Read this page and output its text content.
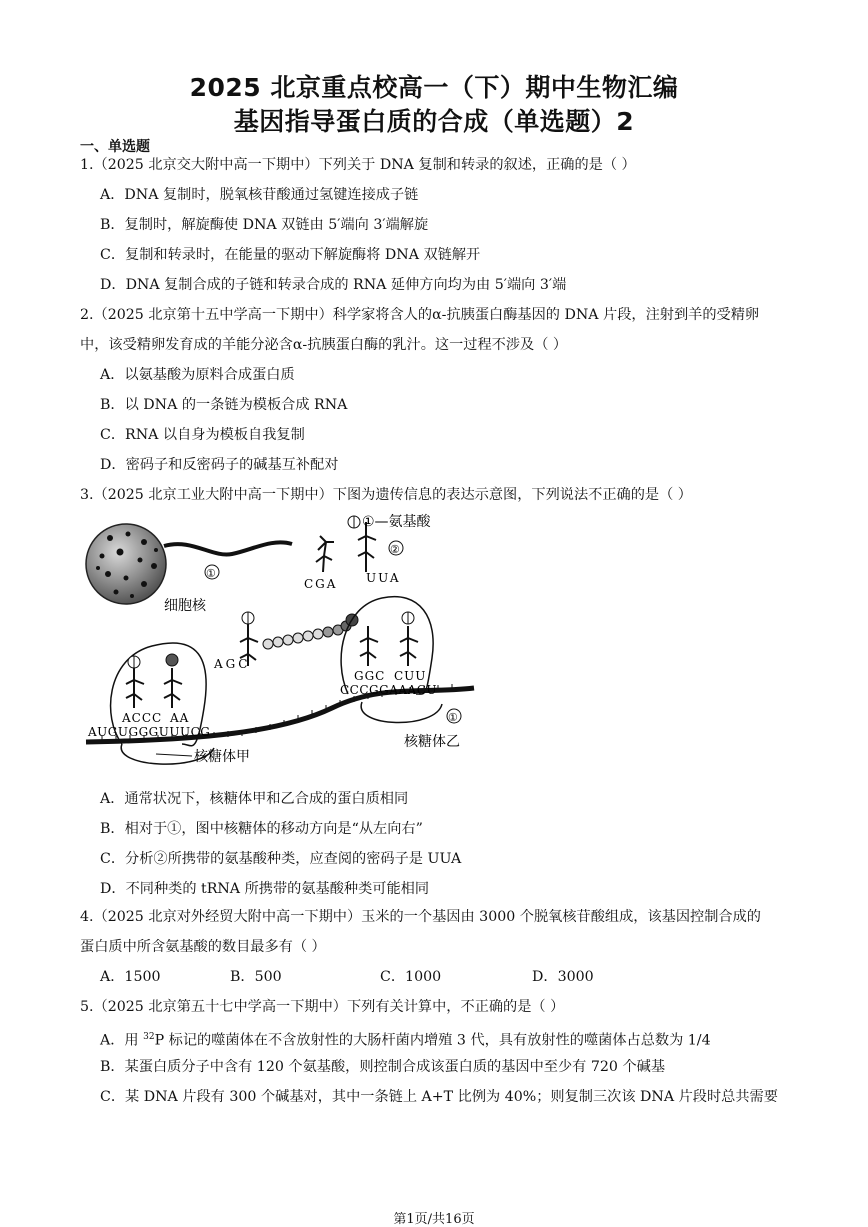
2025 北京重点校高一（下）期中生物汇编
基因指导蛋白质的合成（单选题）2
一、单选题
1.（2025 北京交大附中高一下期中）下列关于 DNA 复制和转录的叙述，正确的是（ ）
A．DNA 复制时，脱氧核苷酸通过氢键连接成子链
B．复制时，解旋酶使 DNA 双链由 5′端向 3′端解旋
C．复制和转录时，在能量的驱动下解旋酶将 DNA 双链解开
D．DNA 复制合成的子链和转录合成的 RNA 延伸方向均为由 5′端向 3′端
2.（2025 北京第十五中学高一下期中）科学家将含人的α-抗胰蛋白酶基因的 DNA 片段，注射到羊的受精卵
中，该受精卵发育成的羊能分泌含α-抗胰蛋白酶的乳汁。这一过程不涉及（ ）
A．以氨基酸为原料合成蛋白质
B．以 DNA 的一条链为模板合成 RNA
C．RNA 以自身为模板自我复制
D．密码子和反密码子的碱基互补配对
3.（2025 北京工业大附中高一下期中）下图为遗传信息的表达示意图，下列说法不正确的是（ ）
①
细胞核
CGA
①—氨基酸
②
UUA
AGC
ACCC AA
AUGUGGGUUUCG
核糖体甲
GGC CUU
CCCGGAAACU
①
核糖体乙
A．通常状况下，核糖体甲和乙合成的蛋白质相同
B．相对于①，图中核糖体的移动方向是“从左向右”
C．分析②所携带的氨基酸种类，应查阅的密码子是 UUA
D．不同种类的 tRNA 所携带的氨基酸种类可能相同
4.（2025 北京对外经贸大附中高一下期中）玉米的一个基因由 3000 个脱氧核苷酸组成，该基因控制合成的
蛋白质中所含氨基酸的数目最多有（ ）
A．1500	B．500	C．1000	D．3000
5.（2025 北京第五十七中学高一下期中）下列有关计算中，不正确的是（ ）
A．用 $^{32}$P 标记的噬菌体在不含放射性的大肠杆菌内增殖 3 代，具有放射性的噬菌体占总数为 1/4
B．某蛋白质分子中含有 120 个氨基酸，则控制合成该蛋白质的基因中至少有 720 个碱基
C．某 DNA 片段有 300 个碱基对，其中一条链上 A+T 比例为 40%；则复制三次该 DNA 片段时总共需要
第1页/共16页
